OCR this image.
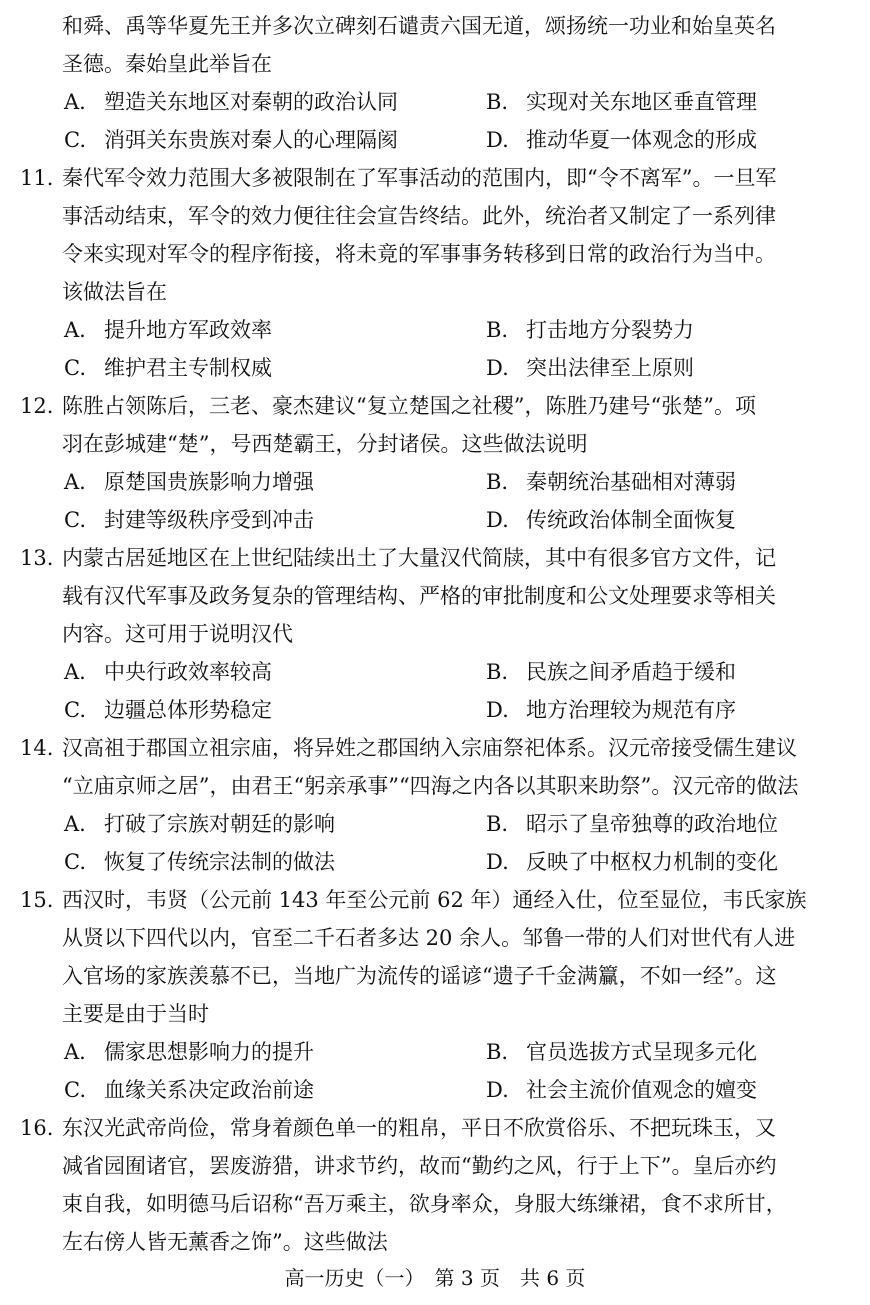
和舜、禹等华夏先王并多次立碑刻石谴责六国无道，颂扬统一功业和始皇英名
圣德。秦始皇此举旨在
A. 塑造关东地区对秦朝的政治认同	B. 实现对关东地区垂直管理
C. 消弭关东贵族对秦人的心理隔阂	D. 推动华夏一体观念的形成
11. 秦代军令效力范围大多被限制在了军事活动的范围内，即“令不离军”。一旦军
事活动结束，军令的效力便往往会宣告终结。此外，统治者又制定了一系列律
令来实现对军令的程序衔接，将未竟的军事事务转移到日常的政治行为当中。
该做法旨在
A. 提升地方军政效率	B. 打击地方分裂势力
C. 维护君主专制权威	D. 突出法律至上原则
12. 陈胜占领陈后，三老、豪杰建议“复立楚国之社稷”，陈胜乃建号“张楚”。项
羽在彭城建“楚”，号西楚霸王，分封诸侯。这些做法说明
A. 原楚国贵族影响力增强	B. 秦朝统治基础相对薄弱
C. 封建等级秩序受到冲击	D. 传统政治体制全面恢复
13. 内蒙古居延地区在上世纪陆续出土了大量汉代简牍，其中有很多官方文件，记
载有汉代军事及政务复杂的管理结构、严格的审批制度和公文处理要求等相关
内容。这可用于说明汉代
A. 中央行政效率较高	B. 民族之间矛盾趋于缓和
C. 边疆总体形势稳定	D. 地方治理较为规范有序
14. 汉高祖于郡国立祖宗庙，将异姓之郡国纳入宗庙祭祀体系。汉元帝接受儒生建议
“立庙京师之居”，由君王“躬亲承事”“四海之内各以其职来助祭”。汉元帝的做法
A. 打破了宗族对朝廷的影响	B. 昭示了皇帝独尊的政治地位
C. 恢复了传统宗法制的做法	D. 反映了中枢权力机制的变化
15. 西汉时，韦贤（公元前 143 年至公元前 62 年）通经入仕，位至显位，韦氏家族
从贤以下四代以内，官至二千石者多达 20 余人。邹鲁一带的人们对世代有人进
入官场的家族羡慕不已，当地广为流传的谣谚“遗子千金满籯，不如一经”。这
主要是由于当时
A. 儒家思想影响力的提升	B. 官员选拔方式呈现多元化
C. 血缘关系决定政治前途	D. 社会主流价值观念的嬗变
16. 东汉光武帝尚俭，常身着颜色单一的粗帛，平日不欣赏俗乐、不把玩珠玉，又
减省园囿诸官，罢废游猎，讲求节约，故而“勤约之风，行于上下”。皇后亦约
束自我，如明德马后诏称“吾万乘主，欲身率众，身服大练缣裙，食不求所甘，
左右傍人皆无薰香之饰”。这些做法
高一历史（一）　第 3 页　共 6 页
